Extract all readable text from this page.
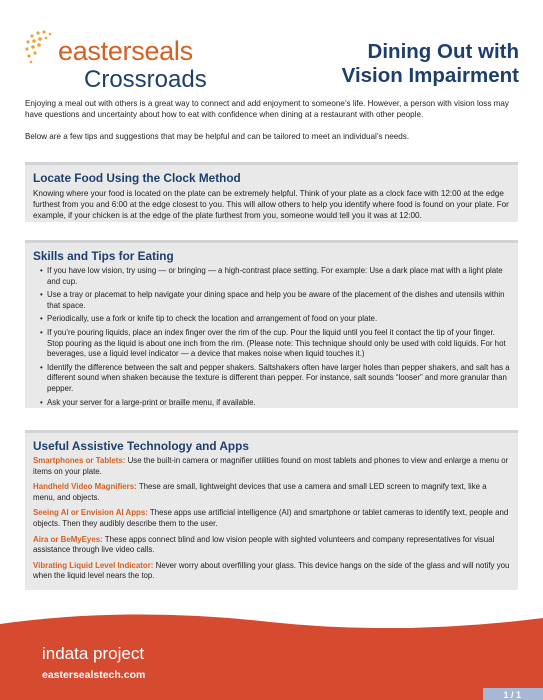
easterseals
Crossroads
Dining Out with
Vision Impairment

Enjoying a meal out with others is a great way to connect and add enjoyment to someone’s life. However, a person with vision loss may have questions and uncertainty about how to eat with confidence when dining at a restaurant with other people.

Below are a few tips and suggestions that may be helpful and can be tailored to meet an individual’s needs.

Locate Food Using the Clock Method

Knowing where your food is located on the plate can be extremely helpful. Think of your plate as a clock face with 12:00 at the edge furthest from you and 6:00 at the edge closest to you. This will allow others to help you identify where food is found on your plate. For example, if your chicken is at the edge of the plate furthest from you, someone would tell you it was at 12:00.

Skills and Tips for Eating
• If you have low vision, try using — or bringing — a high-contrast place setting. For example: Use a dark place mat with a light plate and cup.
• Use a tray or placemat to help navigate your dining space and help you be aware of the placement of the dishes and utensils within that space.
• Periodically, use a fork or knife tip to check the location and arrangement of food on your plate.
• If you’re pouring liquids, place an index finger over the rim of the cup. Pour the liquid until you feel it contact the tip of your finger. Stop pouring as the liquid is about one inch from the rim. (Please note: This technique should only be used with cold liquids. For hot beverages, use a liquid level indicator — a device that makes noise when liquid touches it.)
• Identify the difference between the salt and pepper shakers. Saltshakers often have larger holes than pepper shakers, and salt has a different sound when shaken because the texture is different than pepper. For instance, salt sounds “looser” and more granular than pepper.
• Ask your server for a large-print or braille menu, if available.
Useful Assistive Technology and Apps
Smartphones or Tablets: Use the built-in camera or magnifier utilities found on most tablets and phones to view and enlarge a menu or items on your plate.
Handheld Video Magnifiers: These are small, lightweight devices that use a camera and small LED screen to magnify text, like a menu, and objects.
Seeing AI or Envision AI Apps: These apps use artificial intelligence (AI) and smartphone or tablet cameras to identify text, people and objects. Then they audibly describe them to the user.
Aira or BeMyEyes: These apps connect blind and low vision people with sighted volunteers and company representatives for visual assistance through live video calls.
Vibrating Liquid Level Indicator: Never worry about overfilling your glass. This device hangs on the side of the glass and will notify you when the liquid level nears the top.
indata project
eastersealstech.com
1 / 1
